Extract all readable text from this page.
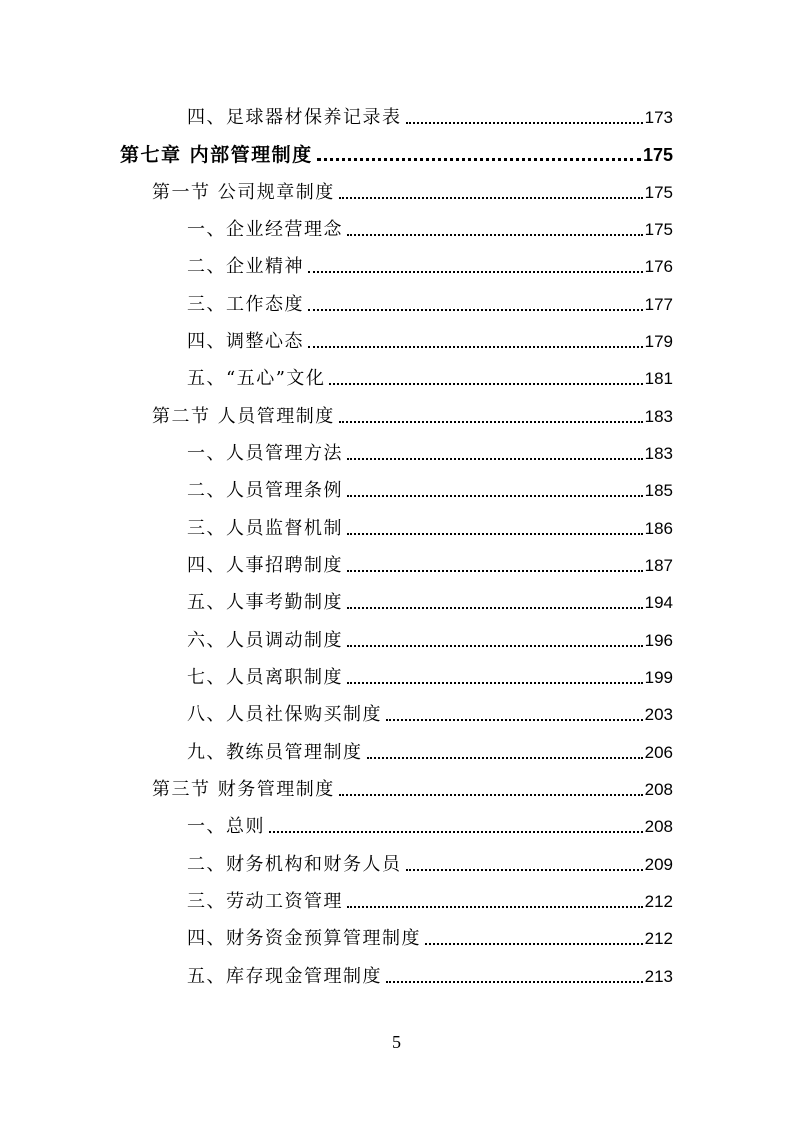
四、足球器材保养记录表	173
第七章 内部管理制度	175
第一节 公司规章制度	175
一、企业经营理念	175
二、企业精神	176
三、工作态度	177
四、调整心态	179
五、“五心”文化	181
第二节 人员管理制度	183
一、人员管理方法	183
二、人员管理条例	185
三、人员监督机制	186
四、人事招聘制度	187
五、人事考勤制度	194
六、人员调动制度	196
七、人员离职制度	199
八、人员社保购买制度	203
九、教练员管理制度	206
第三节 财务管理制度	208
一、总则	208
二、财务机构和财务人员	209
三、劳动工资管理	212
四、财务资金预算管理制度	212
五、库存现金管理制度	213
5
